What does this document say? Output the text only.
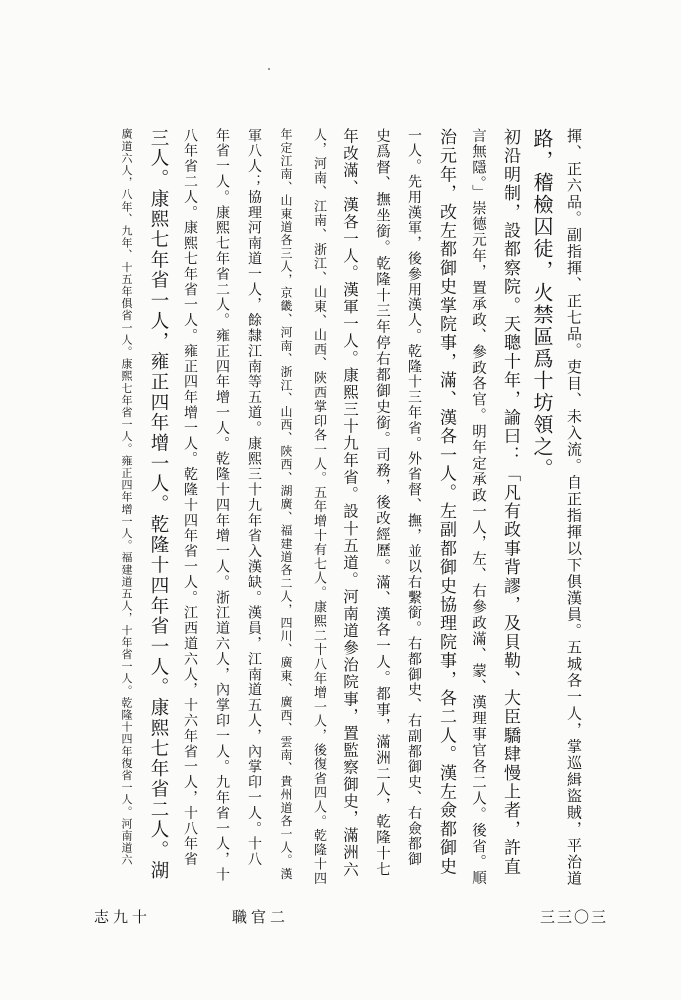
揮、正六品。副指揮、正七品。吏目、未入流。自正指揮以下俱漢員。五城各一人，掌巡緝盜賊，平治道
路，稽檢囚徒，火禁區爲十坊領之。
初沿明制，設都察院。天聰十年，諭曰：「凡有政事背謬，及貝勒、大臣驕肆慢上者，許直
言無隱。」崇德元年，置承政、參政各官。明年定承政一人，左、右參政滿、蒙、漢理事官各二人。後省。順
治元年，改左都御史掌院事，滿、漢各一人。左副都御史協理院事，各二人。漢左僉都御史
一人。先用漢軍，後參用漢人。乾隆十三年省。外省督、撫，並以右繫銜。右都御史、右副都御史、右僉都御
史爲督、撫坐銜。乾隆十三年停右都御史銜。司務，後改經歷。滿、漢各一人。都事，滿洲二人，乾隆十七
年改滿、漢各一人。漢軍一人。康熙三十九年省。設十五道。河南道參治院事，置監察御史，滿洲六
人，河南、江南、浙江、山東、山西、陝西掌印各一人。五年增十有七人。康熙二十八年增一人，後復省四人。乾隆十四
年定江南、山東道各三人，京畿、河南、浙江、山西、陝西、湖廣、福建道各二人，四川、廣東、廣西、雲南、貴州道各一人。漢
軍八人；協理河南道一人，餘隸江南等五道。康熙三十九年省入漢缺。漢員，江南道五人，內掌印一人。十八
年省一人。康熙七年省二人。雍正四年增一人。乾隆十四年增一人。浙江道六人，內掌印一人。九年省一人，十
八年省二人。康熙七年省一人。雍正四年增一人。乾隆十四年省一人。江西道六人，十六年省一人，十八年省
三人。康熙七年省一人，雍正四年增一人。乾隆十四年省一人。康熙七年省二人。湖
廣道六人，八年、九年、十五年俱省一人。康熙七年省一人。雍正四年增一人。福建道五人，十年省一人。乾隆十四年復省一人。河南道六
志九十	職官二	三三〇三
